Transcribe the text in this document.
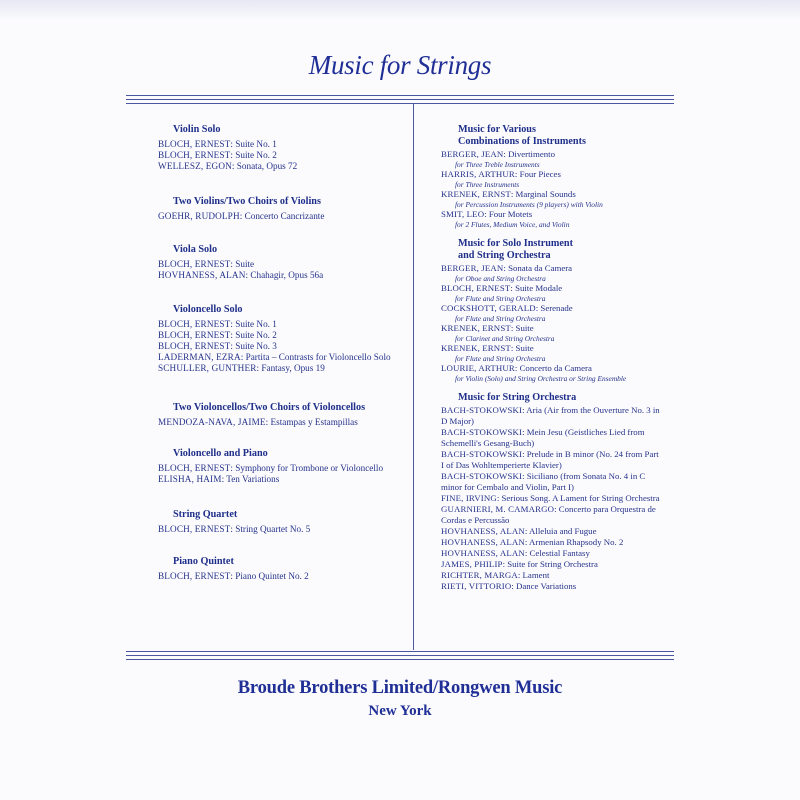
Music for Strings
Violin Solo
BLOCH, ERNEST: Suite No. 1
BLOCH, ERNEST: Suite No. 2
WELLESZ, EGON: Sonata, Opus 72
Two Violins/Two Choirs of Violins
GOEHR, RUDOLPH: Concerto Cancrizante
Viola Solo
BLOCH, ERNEST: Suite
HOVHANESS, ALAN: Chahagir, Opus 56a
Violoncello Solo
BLOCH, ERNEST: Suite No. 1
BLOCH, ERNEST: Suite No. 2
BLOCH, ERNEST: Suite No. 3
LADERMAN, EZRA: Partita – Contrasts for Violoncello Solo
SCHULLER, GUNTHER: Fantasy, Opus 19
Two Violoncellos/Two Choirs of Violoncellos
MENDOZA-NAVA, JAIME: Estampas y Estampillas
Violoncello and Piano
BLOCH, ERNEST: Symphony for Trombone or Violoncello
ELISHA, HAIM: Ten Variations
String Quartet
BLOCH, ERNEST: String Quartet No. 5
Piano Quintet
BLOCH, ERNEST: Piano Quintet No. 2
Music for Various
Combinations of Instruments
BERGER, JEAN: Divertimento
for Three Treble Instruments
HARRIS, ARTHUR: Four Pieces
for Three Instruments
KRENEK, ERNST: Marginal Sounds
for Percussion Instruments (9 players) with Violin
SMIT, LEO: Four Motets
for 2 Flutes, Medium Voice, and Violin
Music for Solo Instrument
and String Orchestra
BERGER, JEAN: Sonata da Camera
for Oboe and String Orchestra
BLOCH, ERNEST: Suite Modale
for Flute and String Orchestra
COCKSHOTT, GERALD: Serenade
for Flute and String Orchestra
KRENEK, ERNST: Suite
for Clarinet and String Orchestra
KRENEK, ERNST: Suite
for Flute and String Orchestra
LOURIE, ARTHUR: Concerto da Camera
for Violin (Solo) and String Orchestra or String Ensemble
Music for String Orchestra
BACH-STOKOWSKI: Aria (Air from the Ouverture No. 3 in D Major)
BACH-STOKOWSKI: Mein Jesu (Geistliches Lied from Schemelli's Gesang-Buch)
BACH-STOKOWSKI: Prelude in B minor (No. 24 from Part I of Das Wohltemperierte Klavier)
BACH-STOKOWSKI: Siciliano (from Sonata No. 4 in C minor for Cembalo and Violin, Part I)
FINE, IRVING: Serious Song. A Lament for String Orchestra
GUARNIERI, M. CAMARGO: Concerto para Orquestra de Cordas e Percussão
HOVHANESS, ALAN: Alleluia and Fugue
HOVHANESS, ALAN: Armenian Rhapsody No. 2
HOVHANESS, ALAN: Celestial Fantasy
JAMES, PHILIP: Suite for String Orchestra
RICHTER, MARGA: Lament
RIETI, VITTORIO: Dance Variations
Broude Brothers Limited/Rongwen Music
New York
